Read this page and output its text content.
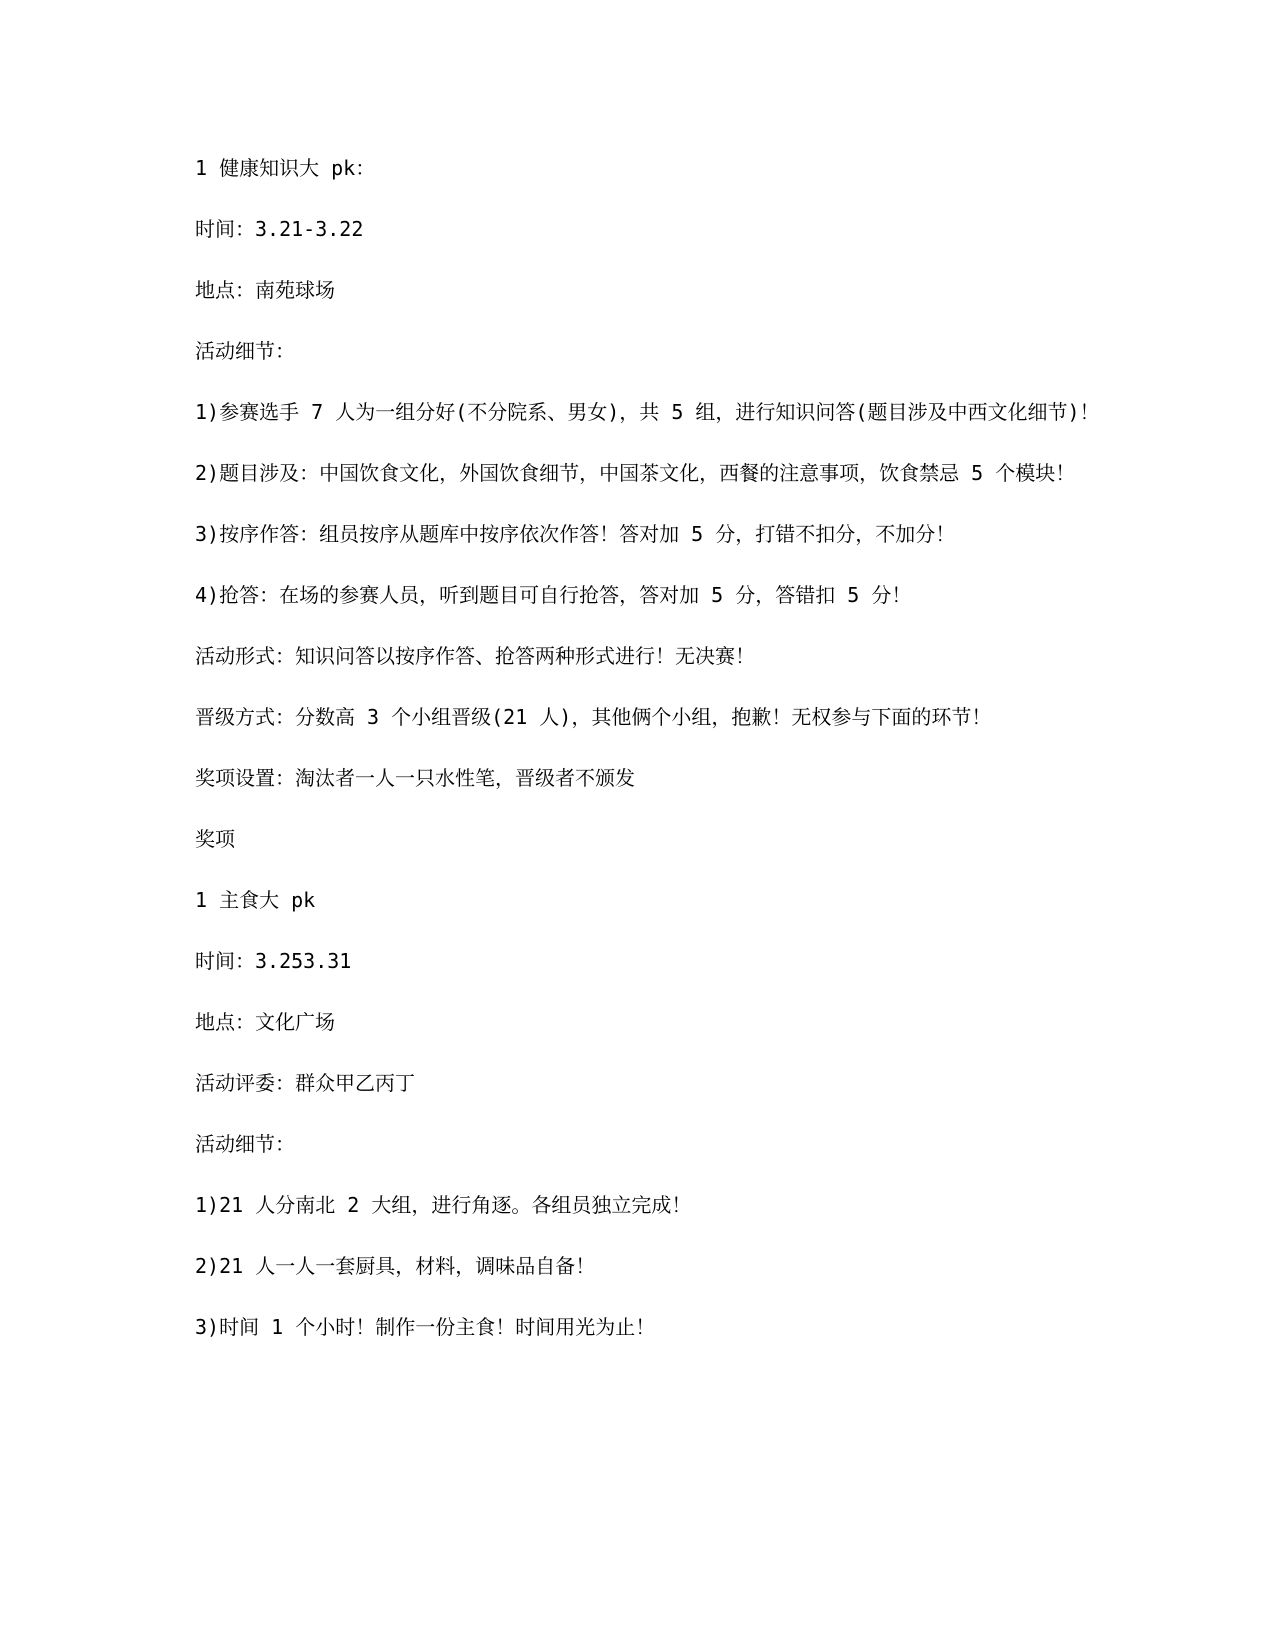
1 健康知识大 pk：

时间：3.21-3.22

地点：南苑球场

活动细节：

1)参赛选手 7 人为一组分好(不分院系、男女)，共 5 组，进行知识问答(题目涉及中西文化细节)！

2)题目涉及：中国饮食文化，外国饮食细节，中国茶文化，西餐的注意事项，饮食禁忌 5 个模块！

3)按序作答：组员按序从题库中按序依次作答！答对加 5 分，打错不扣分，不加分！

4)抢答：在场的参赛人员，听到题目可自行抢答，答对加 5 分，答错扣 5 分！

活动形式：知识问答以按序作答、抢答两种形式进行！无决赛！

晋级方式：分数高 3 个小组晋级(21 人)，其他俩个小组，抱歉！无权参与下面的环节！

奖项设置：淘汰者一人一只水性笔，晋级者不颁发

奖项

1 主食大 pk

时间：3.253.31

地点：文化广场

活动评委：群众甲乙丙丁

活动细节：

1)21 人分南北 2 大组，进行角逐。各组员独立完成！

2)21 人一人一套厨具，材料，调味品自备！

3)时间 1 个小时！制作一份主食！时间用光为止！
